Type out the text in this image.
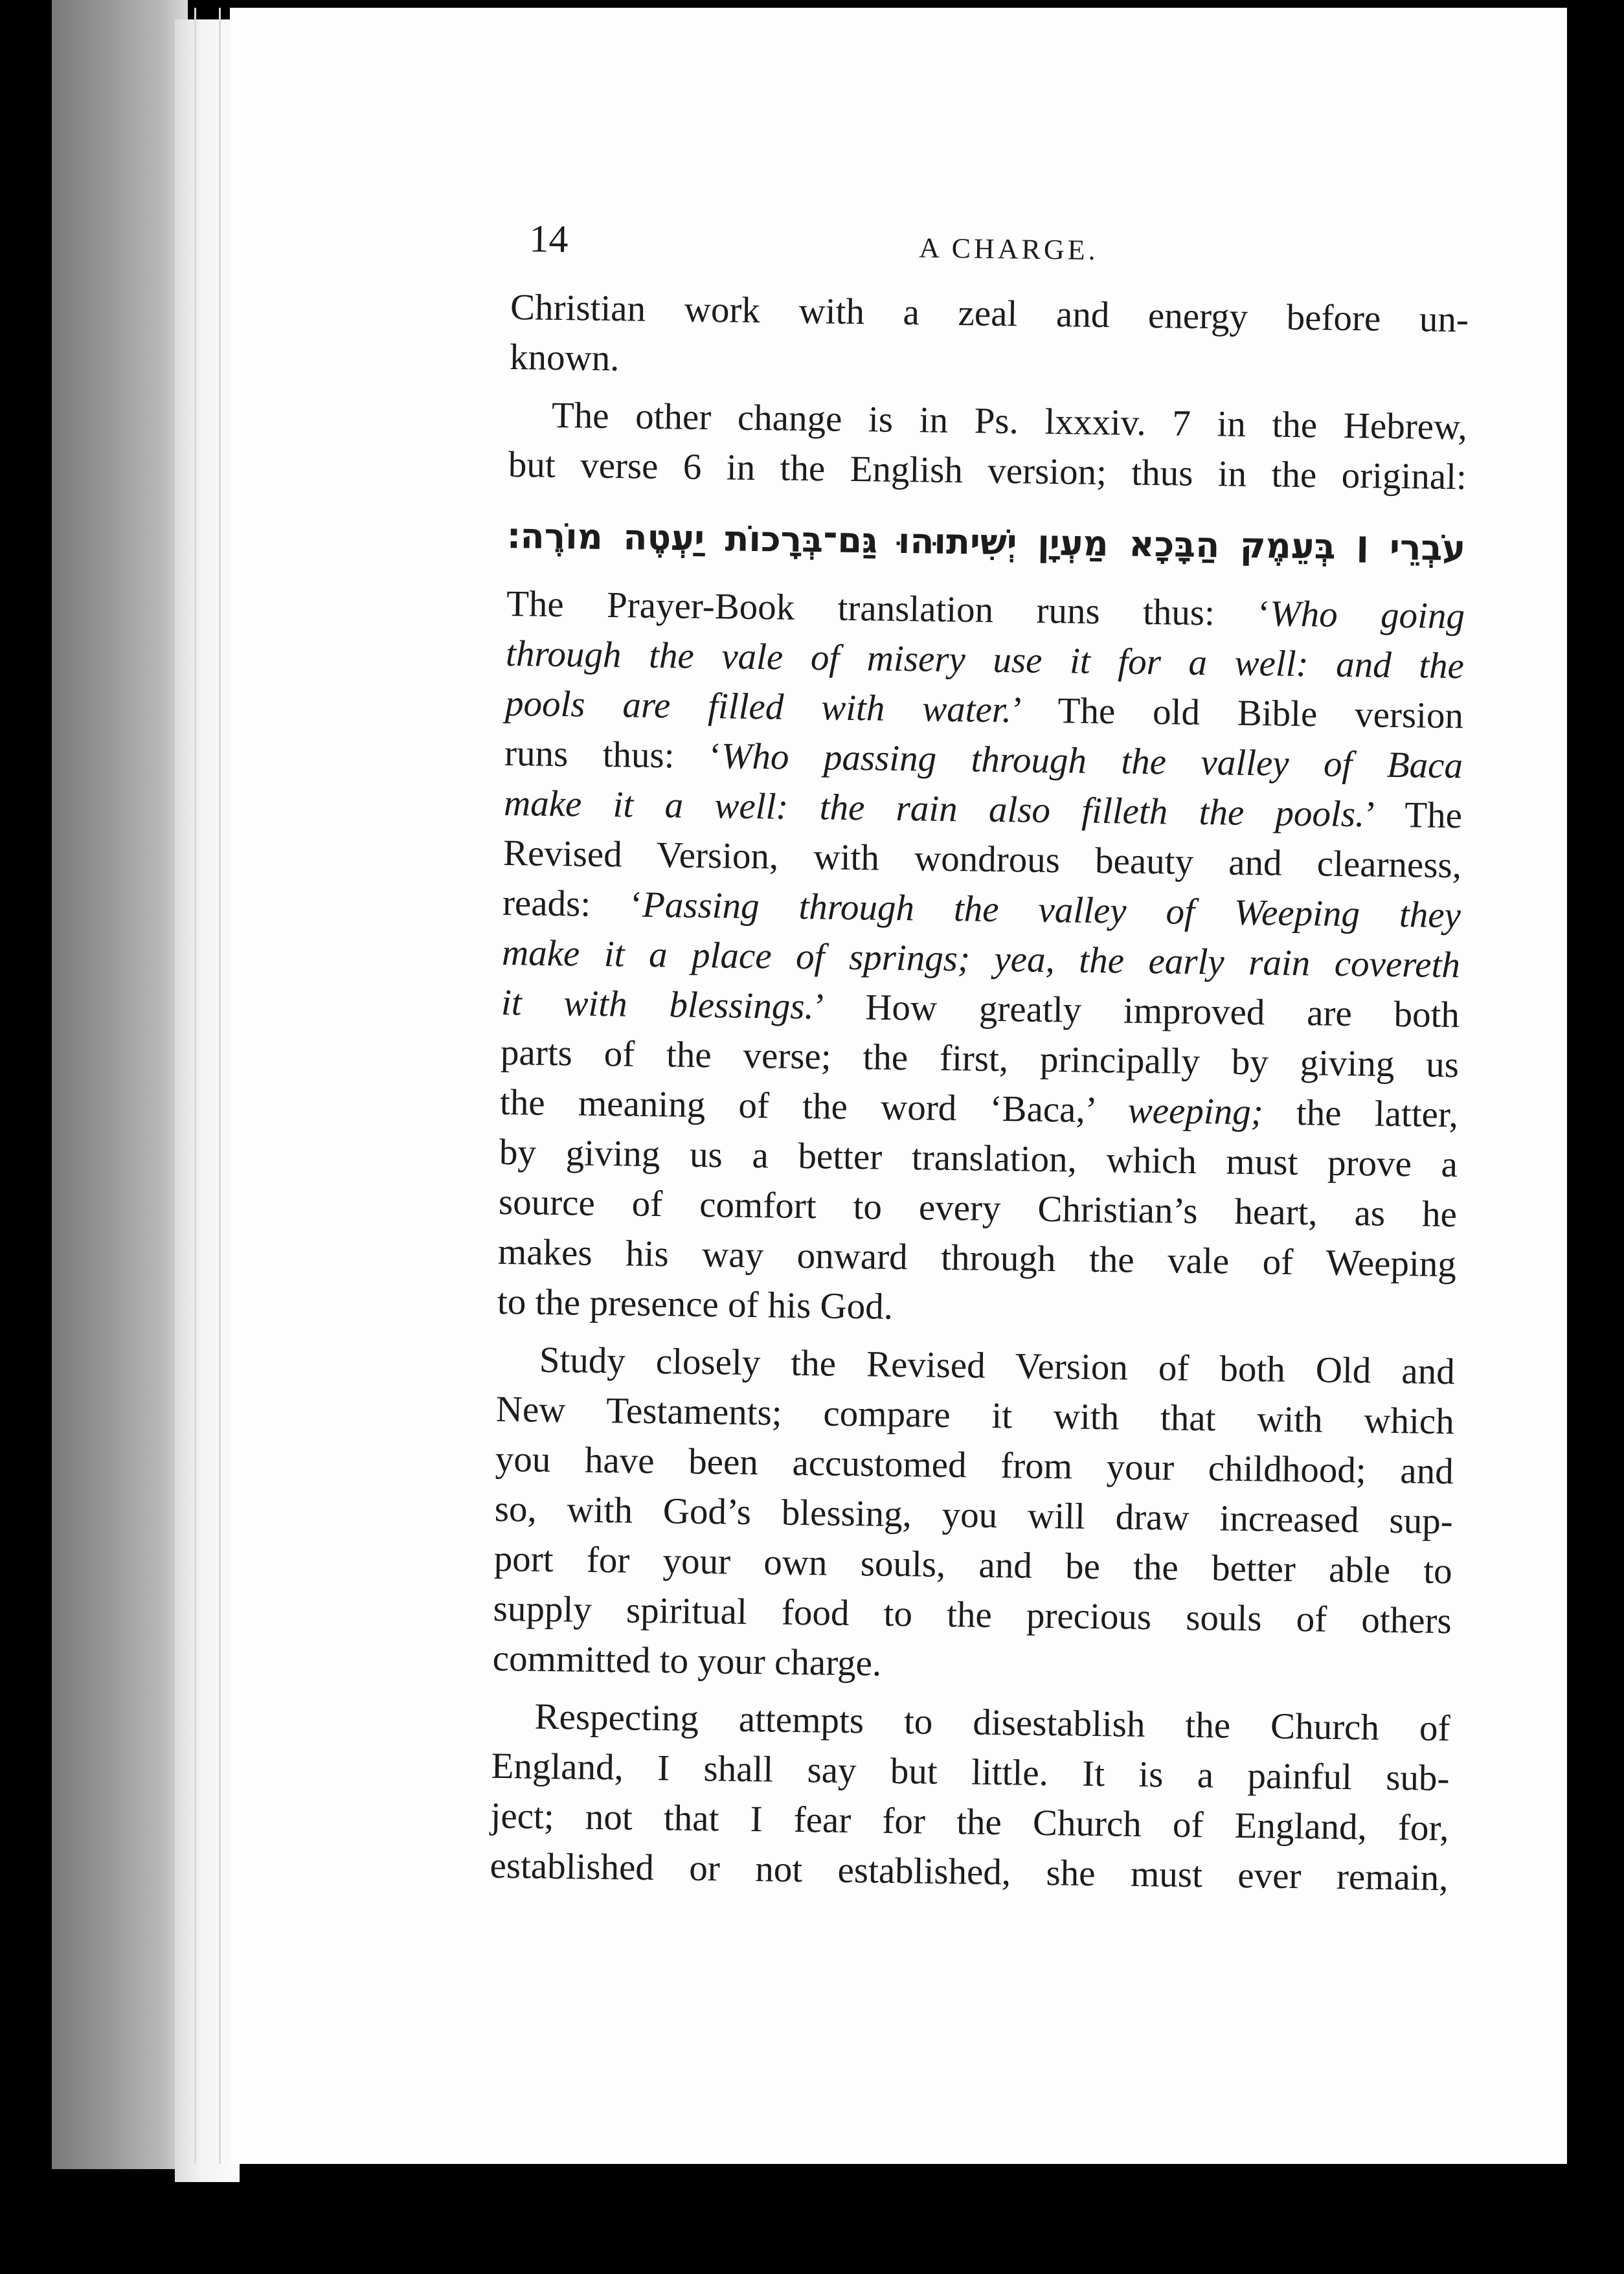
14	A CHARGE.
Christian work with a zeal and energy before un-
known.
The other change is in Ps. lxxxiv. 7 in the Hebrew,
but verse 6 in the English version; thus in the original:
עֹבְרֵי ׀ בְּעֵמֶק הַבָּכָא מַעְיָן יְשִׁיתוּהוּ גַּם־בְּרָכוֹת יַעְטֶה מוֹרֶה׃
The Prayer-Book translation runs thus: ‘Who going
through the vale of misery use it for a well: and the
pools are filled with water.’ The old Bible version
runs thus: ‘Who passing through the valley of Baca
make it a well: the rain also filleth the pools.’ The
Revised Version, with wondrous beauty and clearness,
reads: ‘Passing through the valley of Weeping they
make it a place of springs; yea, the early rain covereth
it with blessings.’ How greatly improved are both
parts of the verse; the first, principally by giving us
the meaning of the word ‘Baca,’ weeping; the latter,
by giving us a better translation, which must prove a
source of comfort to every Christian’s heart, as he
makes his way onward through the vale of Weeping
to the presence of his God.
Study closely the Revised Version of both Old and
New Testaments; compare it with that with which
you have been accustomed from your childhood; and
so, with God’s blessing, you will draw increased sup-
port for your own souls, and be the better able to
supply spiritual food to the precious souls of others
committed to your charge.
Respecting attempts to disestablish the Church of
England, I shall say but little. It is a painful sub-
ject; not that I fear for the Church of England, for,
established or not established, she must ever remain,
